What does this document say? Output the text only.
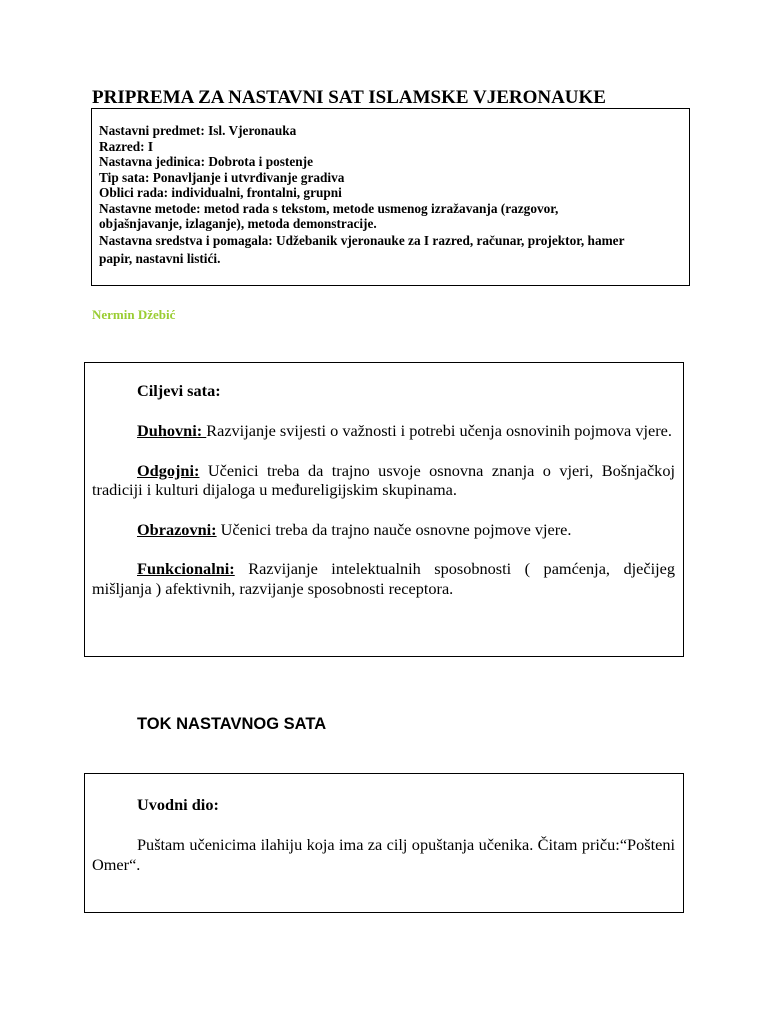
PRIPREMA ZA NASTAVNI SAT ISLAMSKE VJERONAUKE
Nastavni predmet: Isl. Vjeronauka
Razred: I
Nastavna jedinica: Dobrota i postenje
Tip sata: Ponavljanje i utvrđivanje gradiva
Oblici rada: individualni, frontalni, grupni
Nastavne metode: metod rada s tekstom, metode usmenog izražavanja (razgovor,
objašnjavanje, izlaganje), metoda demonstracije.
Nastavna sredstva i pomagala: Udžebanik vjeronauke za I razred, računar, projektor, hamer
papir, nastavni listići.
Nermin Džebić
Ciljevi sata:

Duhovni: Razvijanje svijesti o važnosti i potrebi učenja osnovinih pojmova vjere.

Odgojni: Učenici treba da trajno usvoje osnovna znanja o vjeri, Bošnjačkoj tradiciji i kulturi dijaloga u međureligijskim skupinama.

Obrazovni: Učenici treba da trajno nauče osnovne pojmove vjere.

Funkcionalni: Razvijanje intelektualnih sposobnosti ( pamćenja, dječijeg mišljanja ) afektivnih, razvijanje sposobnosti receptora.

TOK NASTAVNOG SATA
Uvodni dio:

Puštam učenicima ilahiju koja ima za cilj opuštanja učenika. Čitam priču:“Pošteni Omer“.
